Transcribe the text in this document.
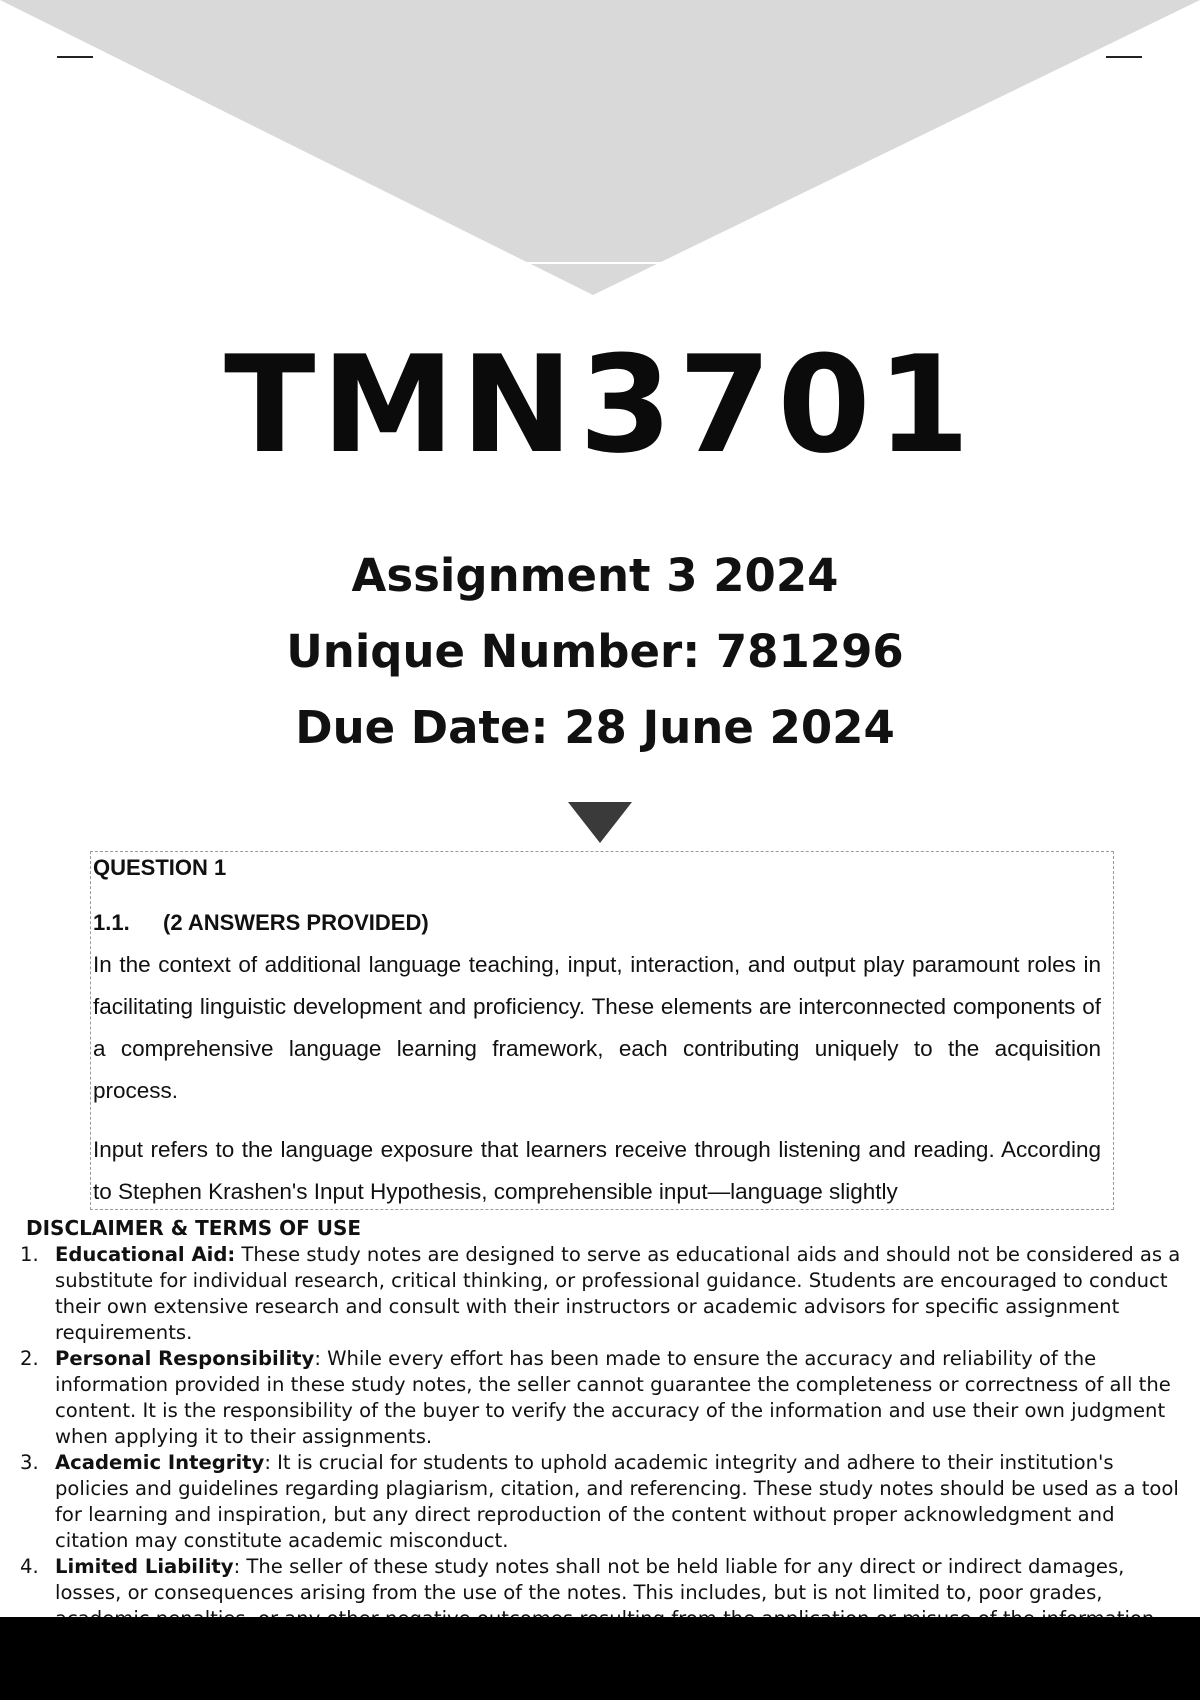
TMN3701
Assignment 3 2024
Unique Number: 781296
Due Date: 28 June 2024
QUESTION 1
1.1. (2 ANSWERS PROVIDED)

In the context of additional language teaching, input, interaction, and output play paramount roles in facilitating linguistic development and proficiency. These elements are interconnected components of a comprehensive language learning framework, each contributing uniquely to the acquisition process.

Input refers to the language exposure that learners receive through listening and reading. According to Stephen Krashen's Input Hypothesis, comprehensible input—language slightly

DISCLAIMER & TERMS OF USE
1. Educational Aid: These study notes are designed to serve as educational aids and should not be considered as a substitute for individual research, critical thinking, or professional guidance. Students are encouraged to conduct their own extensive research and consult with their instructors or academic advisors for specific assignment requirements.
2. Personal Responsibility: While every effort has been made to ensure the accuracy and reliability of the information provided in these study notes, the seller cannot guarantee the completeness or correctness of all the content. It is the responsibility of the buyer to verify the accuracy of the information and use their own judgment when applying it to their assignments.
3. Academic Integrity: It is crucial for students to uphold academic integrity and adhere to their institution's policies and guidelines regarding plagiarism, citation, and referencing. These study notes should be used as a tool for learning and inspiration, but any direct reproduction of the content without proper acknowledgment and citation may constitute academic misconduct.
4. Limited Liability: The seller of these study notes shall not be held liable for any direct or indirect damages, losses, or consequences arising from the use of the notes. This includes, but is not limited to, poor grades,
